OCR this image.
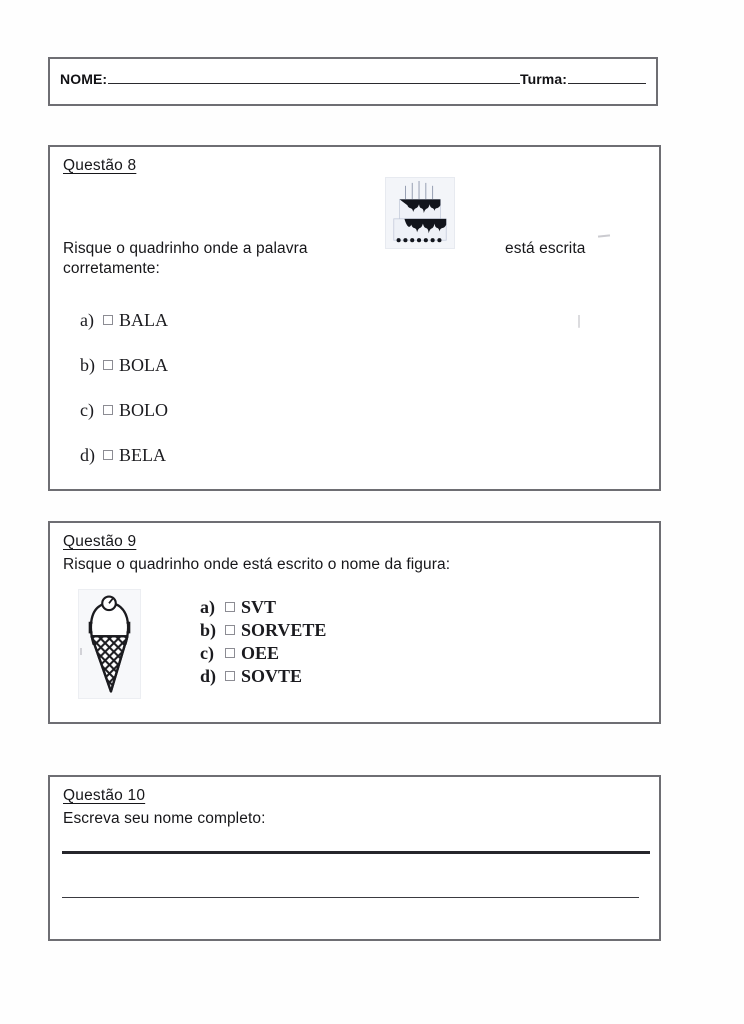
NOME:	Turma:
Questão 8
Risque o quadrinho onde a palavra
corretamente:
está escrita
a) BALA
b) BOLA
c) BOLO
d) BELA
Questão 9
Risque o quadrinho onde está escrito o nome da figura:
a) SVT
b) SORVETE
c) OEE
d) SOVTE
Questão 10
Escreva seu nome completo:
